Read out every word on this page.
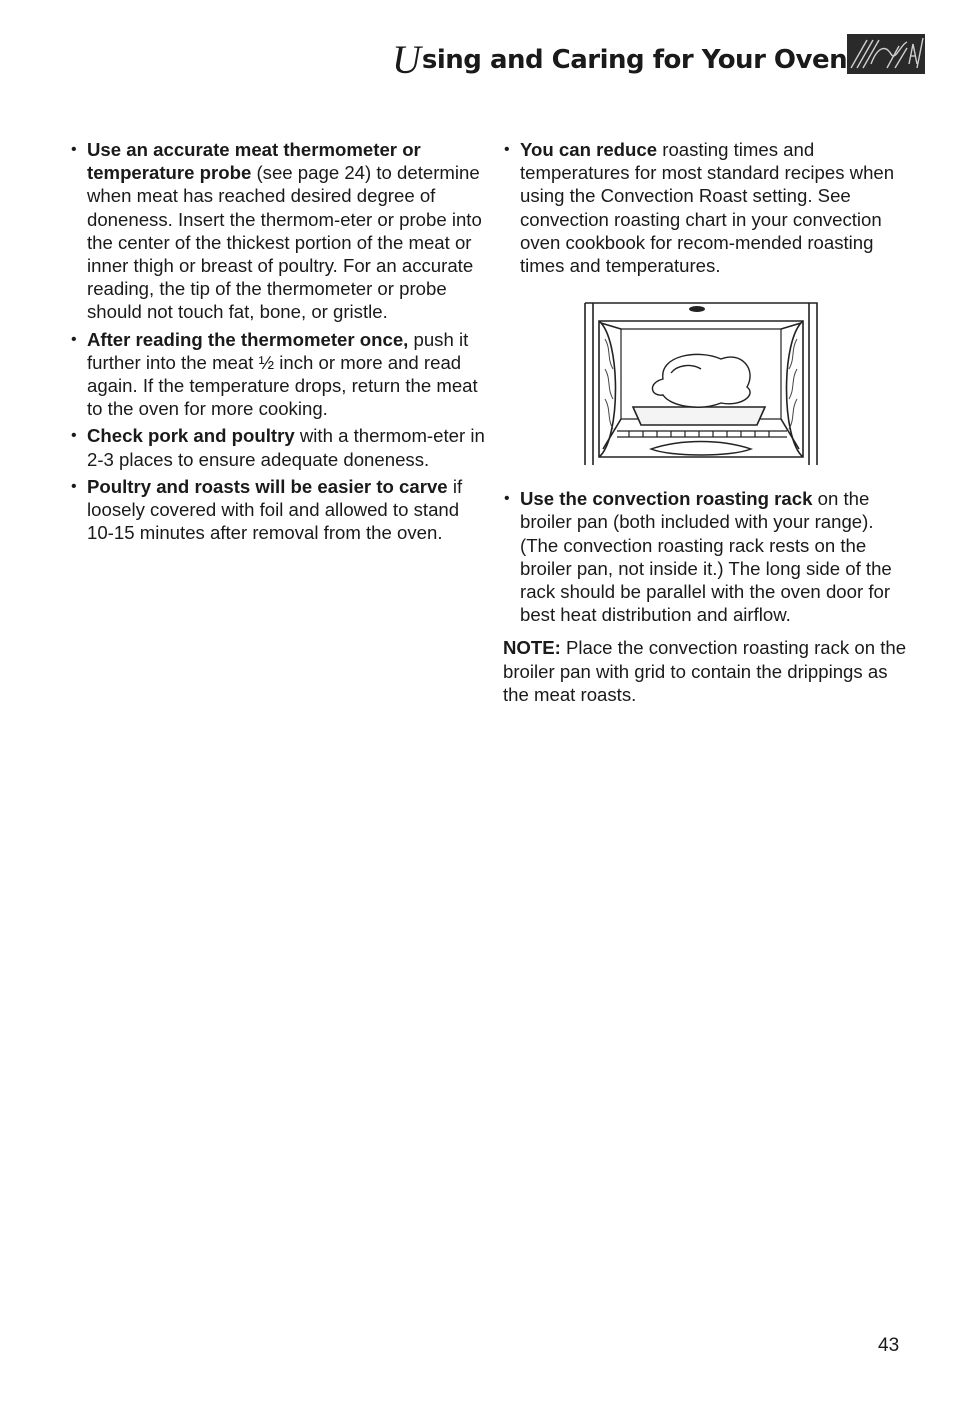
U sing and Caring for Your Oven

• Use an accurate meat thermometer or temperature probe (see page 24) to determine when meat has reached desired degree of doneness. Insert the thermom-eter or probe into the center of the thickest portion of the meat or inner thigh or breast of poultry. For an accurate reading, the tip of the thermometer or probe should not touch fat, bone, or gristle.

• After reading the thermometer once, push it further into the meat ½ inch or more and read again. If the temperature drops, return the meat to the oven for more cooking.

• Check pork and poultry with a thermom-eter in 2-3 places to ensure adequate doneness.

• Poultry and roasts will be easier to carve if loosely covered with foil and allowed to stand 10-15 minutes after removal from the oven.

• You can reduce roasting times and temperatures for most standard recipes when using the Convection Roast setting. See convection roasting chart in your convection oven cookbook for recom-mended roasting times and temperatures.

• Use the convection roasting rack on the broiler pan (both included with your range). (The convection roasting rack rests on the broiler pan, not inside it.) The long side of the rack should be parallel with the oven door for best heat distribution and airflow.

NOTE: Place the convection roasting rack on the broiler pan with grid to contain the drippings as the meat roasts.

43
